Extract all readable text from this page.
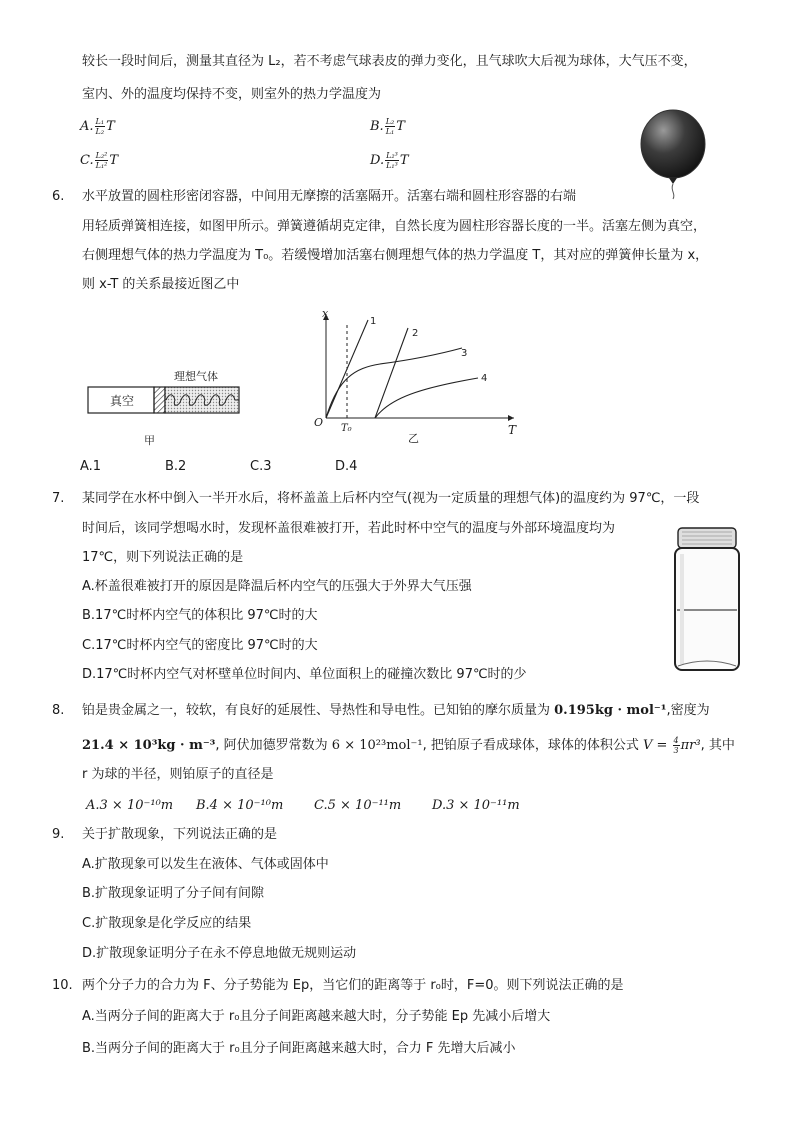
较长一段时间后，测量其直径为 L₂，若不考虑气球表皮的弹力变化，且气球吹大后视为球体，大气压不变，
室内、外的温度均保持不变，则室外的热力学温度为
A. $\frac{\text{L₁}}{\text{L₂}}$ T	B. $\frac{\text{L₂}}{\text{L₁}}$ T
C. $\frac{\text{L₂²}}{\text{L₁²}}$ T	D. $\frac{\text{L₂³}}{\text{L₁³}}$ T
6. 水平放置的圆柱形密闭容器，中间用无摩擦的活塞隔开。活塞右端和圆柱形容器的右端
用轻质弹簧相连接，如图甲所示。弹簧遵循胡克定律，自然长度为圆柱形容器长度的一半。活塞左侧为真空，
右侧理想气体的热力学温度为 T₀。若缓慢增加活塞右侧理想气体的热力学温度 T，其对应的弹簧伸长量为 x，
则 x-T 的关系最接近图乙中
真空
理想气体
甲
x
T
O T₀
1
2
3
4
乙
A.1	B.2	C.3	D.4
7. 某同学在水杯中倒入一半开水后，将杯盖盖上后杯内空气(视为一定质量的理想气体)的温度约为 97℃，一段
时间后，该同学想喝水时，发现杯盖很难被打开，若此时杯中空气的温度与外部环境温度均为
17℃，则下列说法正确的是
A.杯盖很难被打开的原因是降温后杯内空气的压强大于外界大气压强
B.17℃时杯内空气的体积比 97℃时的大
C.17℃时杯内空气的密度比 97℃时的大
D.17℃时杯内空气对杯壁单位时间内、单位面积上的碰撞次数比 97℃时的少
8. 铂是贵金属之一，较软，有良好的延展性、导热性和导电性。已知铂的摩尔质量为 0.195kg · mol⁻¹,密度为
21.4 × 10³kg · m⁻³, 阿伏加德罗常数为 6 × 10²³mol⁻¹, 把铂原子看成球体，球体的体积公式 $V = \frac{4}{3} \pi r^3$, 其中
r 为球的半径，则铂原子的直径是
A.3 × 10⁻¹⁰m B.4 × 10⁻¹⁰m C.5 × 10⁻¹¹m D.3 × 10⁻¹¹m
9. 关于扩散现象，下列说法正确的是
A.扩散现象可以发生在液体、气体或固体中
B.扩散现象证明了分子间有间隙
C.扩散现象是化学反应的结果
D.扩散现象证明分子在永不停息地做无规则运动
10. 两个分子力的合力为 F、分子势能为 Ep，当它们的距离等于 r₀时，F=0。则下列说法正确的是
A.当两分子间的距离大于 r₀且分子间距离越来越大时，分子势能 Ep 先减小后增大
B.当两分子间的距离大于 r₀且分子间距离越来越大时，合力 F 先增大后减小
